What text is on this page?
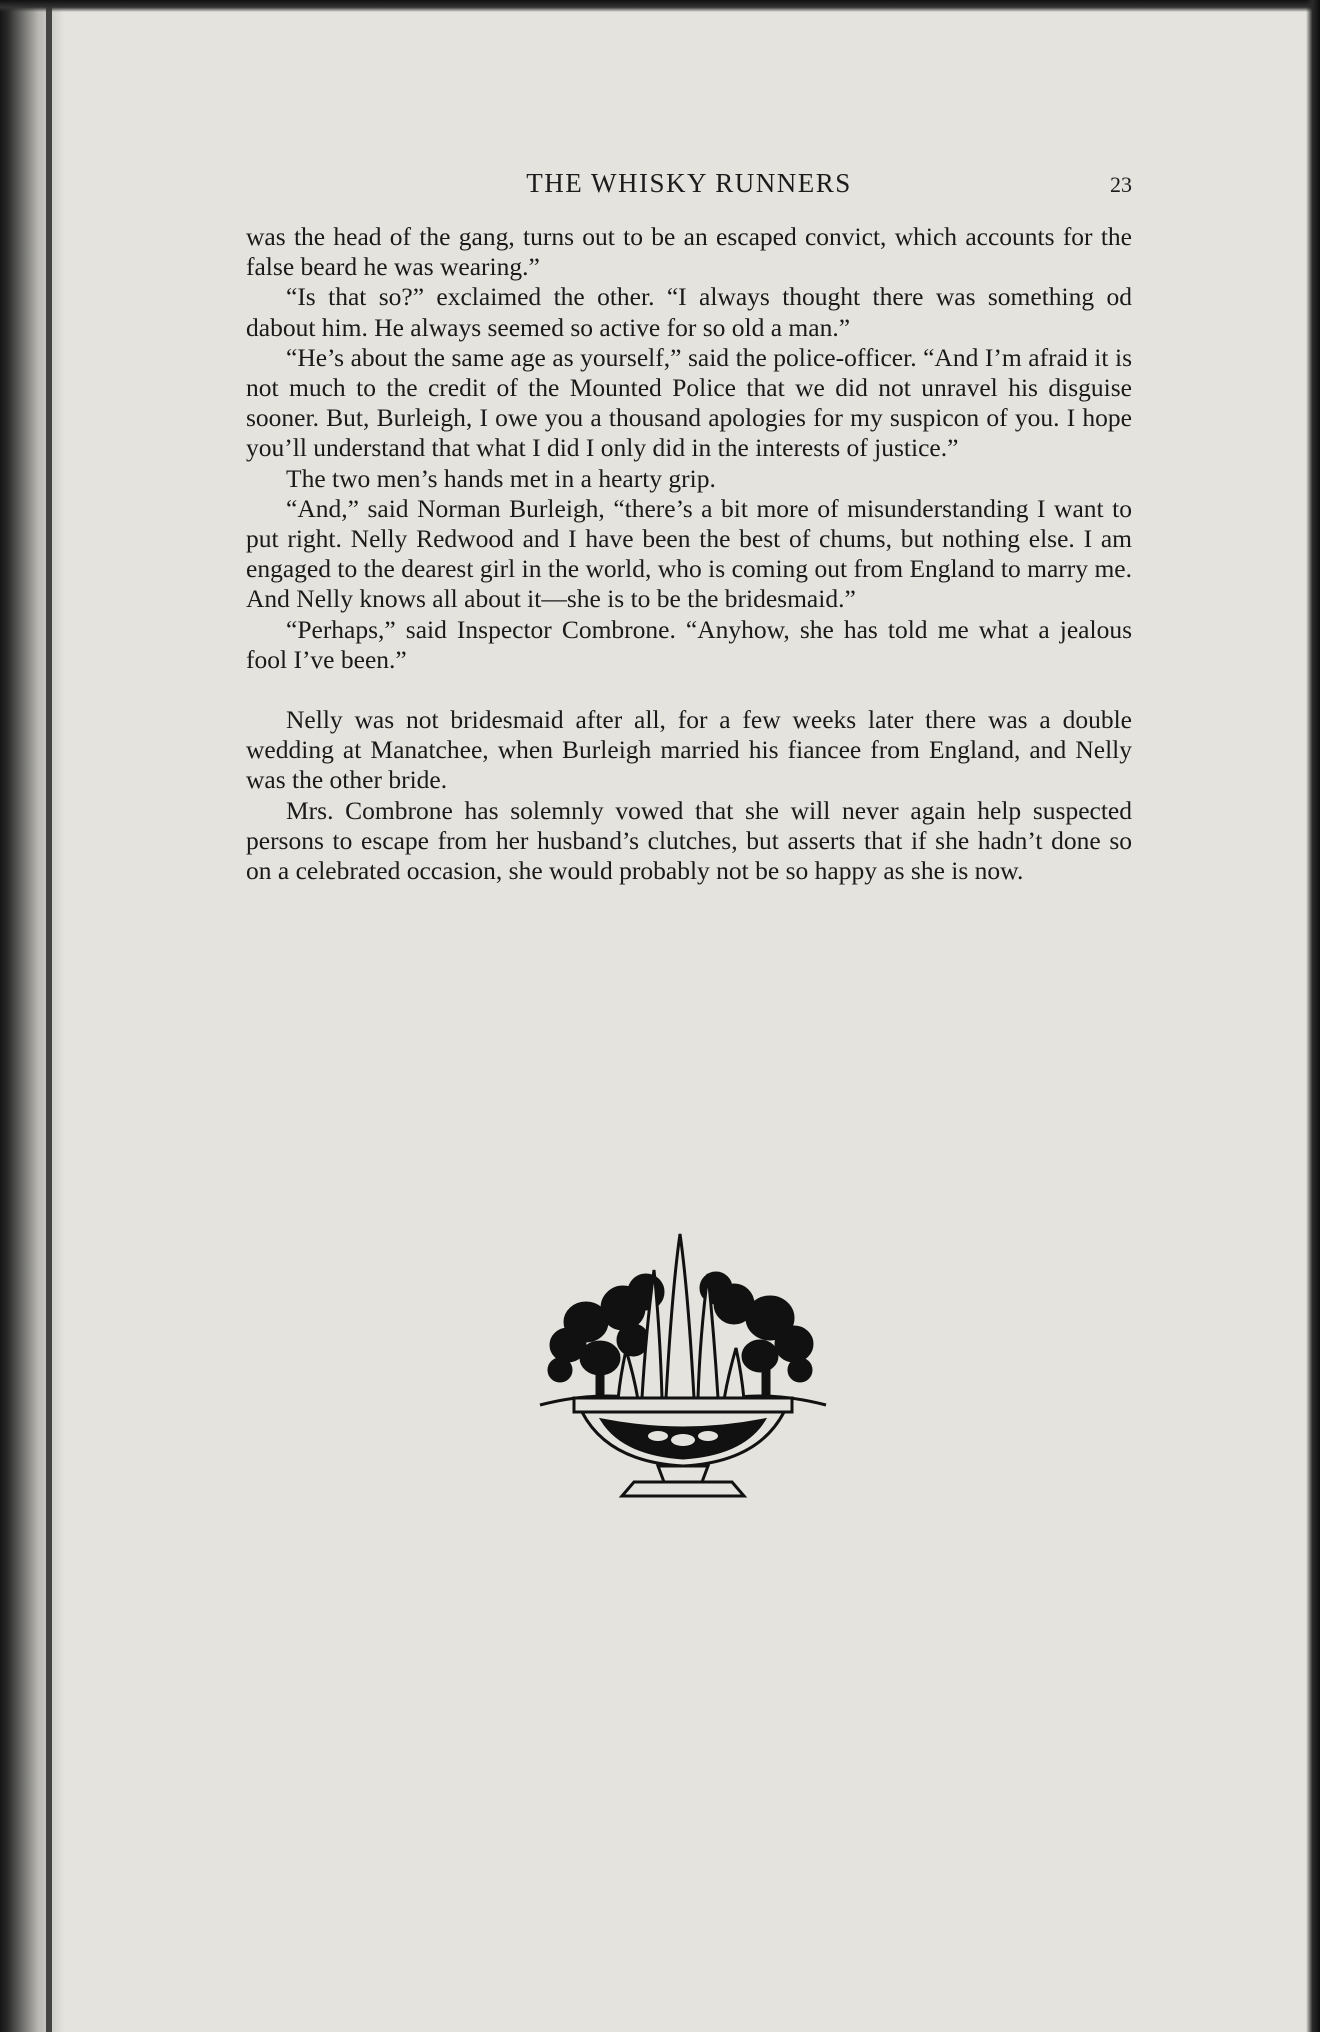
THE WHISKY RUNNERS	23

was the head of the gang, turns out to be an escaped convict, which accounts for the false beard he was wearing.”

“Is that so?” exclaimed the other. “I always thought there was something od dabout him. He always seemed so active for so old a man.”

“He’s about the same age as yourself,” said the police-officer. “And I’m afraid it is not much to the credit of the Mounted Police that we did not unravel his disguise sooner. But, Burleigh, I owe you a thousand apologies for my suspicon of you. I hope you’ll understand that what I did I only did in the interests of justice.”

The two men’s hands met in a hearty grip.

“And,” said Norman Burleigh, “there’s a bit more of misunderstanding I want to put right. Nelly Redwood and I have been the best of chums, but nothing else. I am engaged to the dearest girl in the world, who is coming out from England to marry me. And Nelly knows all about it—she is to be the bridesmaid.”

“Perhaps,” said Inspector Combrone. “Anyhow, she has told me what a jealous fool I’ve been.”

Nelly was not bridesmaid after all, for a few weeks later there was a double wedding at Manatchee, when Burleigh married his fiancee from England, and Nelly was the other bride.

Mrs. Combrone has solemnly vowed that she will never again help suspected persons to escape from her husband’s clutches, but asserts that if she hadn’t done so on a celebrated occasion, she would probably not be so happy as she is now.
